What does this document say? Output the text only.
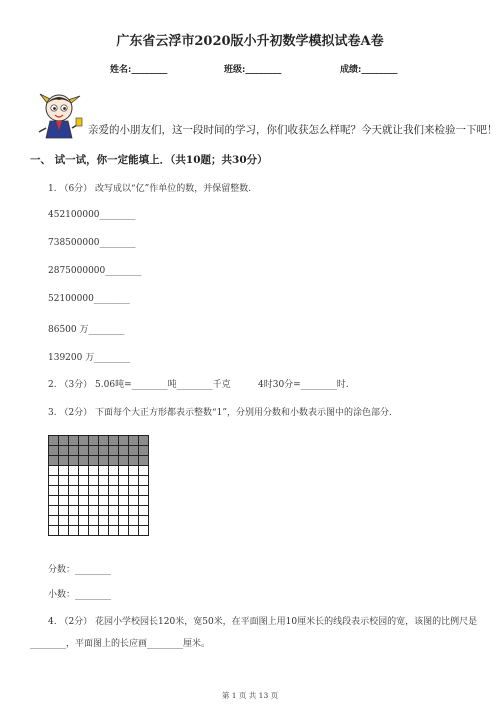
广东省云浮市2020版小升初数学模拟试卷A卷
姓名:________	班级:________	成绩:________
亲爱的小朋友们，这一段时间的学习，你们收获怎么样呢？今天就让我们来检验一下吧！
一、 试一试，你一定能填上．（共10题；共30分）
1. （6分） 改写成以“亿”作单位的数，并保留整数.
452100000________
738500000________
2875000000________
52100000________
86500 万________
139200 万________
2. （3分） 5.06吨=________吨________千克	4时30分=________时.
3. （2分） 下面每个大正方形都表示整数“1”，分别用分数和小数表示图中的涂色部分.
分数：________
小数：________
4. （2分） 花园小学校园长120米，宽50米，在平面图上用10厘米长的线段表示校园的宽，该图的比例尺是
________，平面图上的长应画________厘米。
第 1 页 共 13 页
